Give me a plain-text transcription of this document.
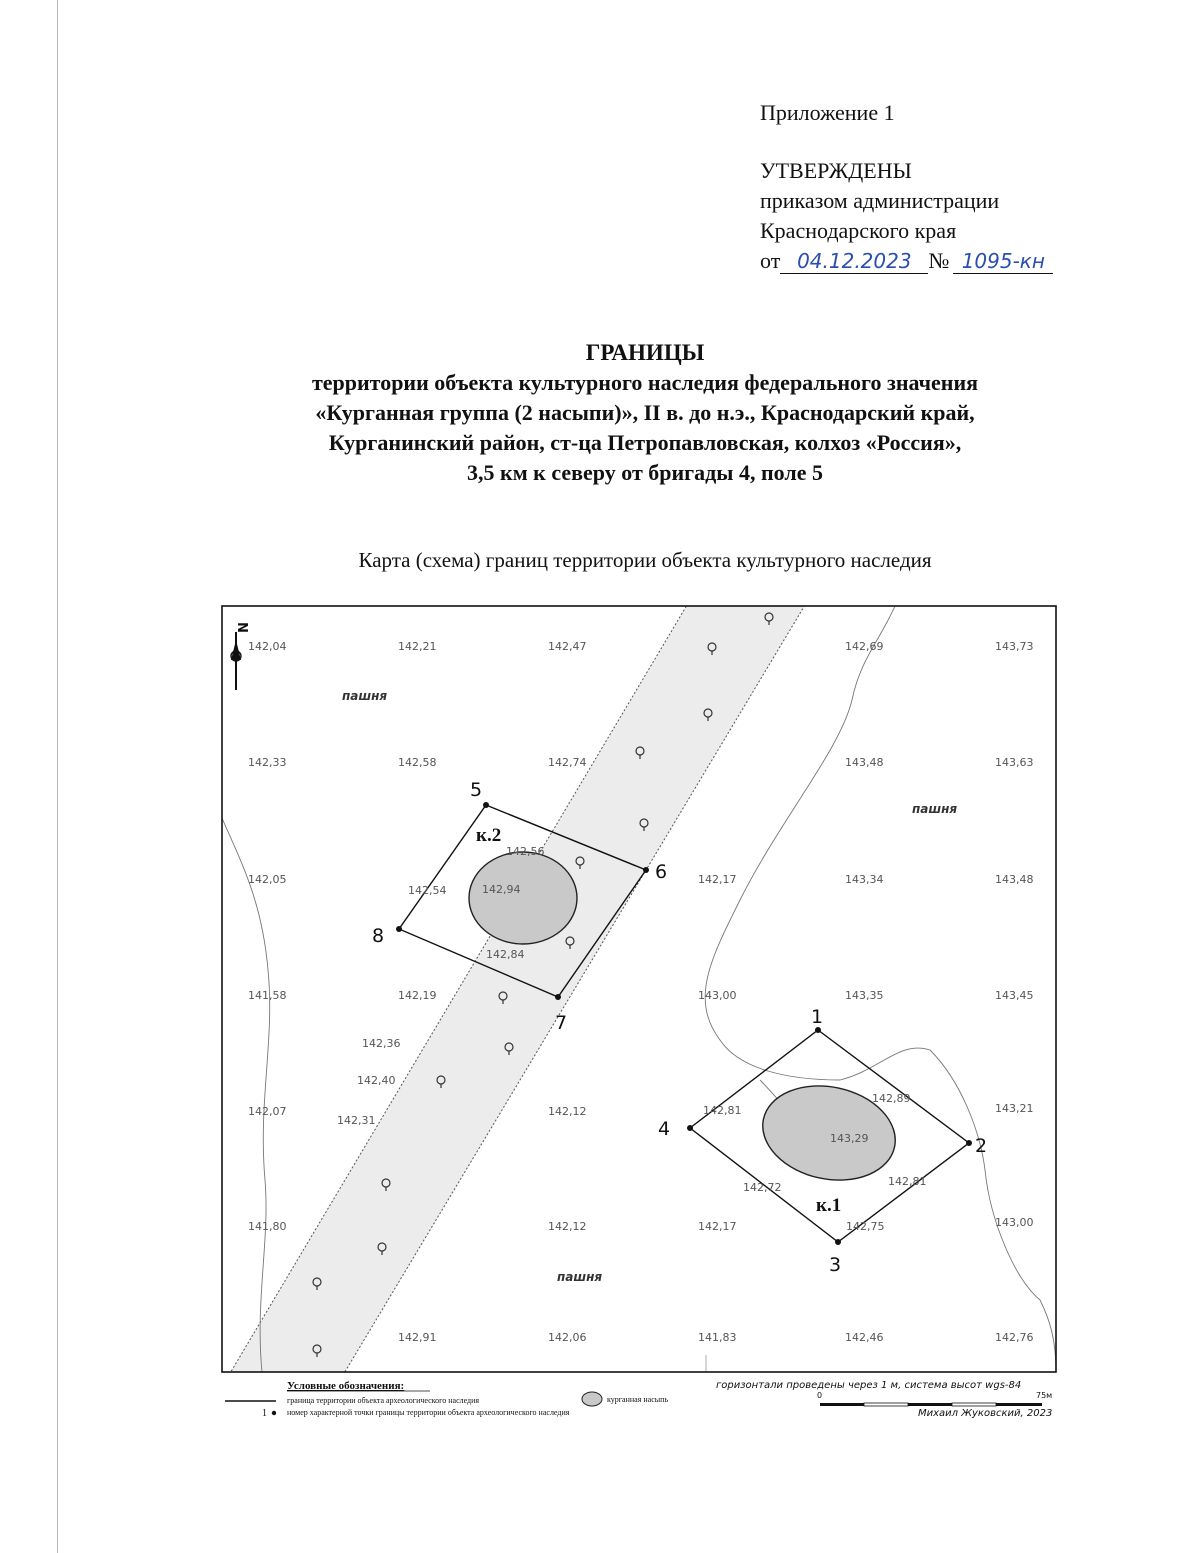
Приложение 1
УТВЕРЖДЕНЫ
приказом администрации
Краснодарского края
от 04.12.2023 № 1095-кн
ГРАНИЦЫ
территории объекта культурного наследия федерального значения
«Курганная группа (2 насыпи)», II в. до н.э., Краснодарский край,
Курганинский район, ст-ца Петропавловская, колхоз «Россия»,
3,5 км к северу от бригады 4, поле 5
Карта (схема) границ территории объекта культурного наследия
N
142,04	142,21	142,47	142,69	143,73
142,33	142,58	142,74	143,48	143,63
142,05	142,17	143,34	143,48
141,58	142,19	143,00	143,35	143,45
142,36
142,40
142,31
142,07	142,12	143,21
141,80	142,12	142,17	143,00
142,91	142,06	141,83	142,46	142,76
142,56
142,54	142,94
142,84
142,81
142,89
143,29
142,72	142,81
142,75
пашня
пашня
пашня
к.2
к.1
1
2
3
4
5
6
7
8
Условные обозначения:
граница территории объекта археологического наследия	курганная насыпь
1	номер характерной точки границы территории объекта археологического наследия
горизонтали проведены через 1 м, система высот wgs-84
0	75м
Михаил Жуковский, 2023
